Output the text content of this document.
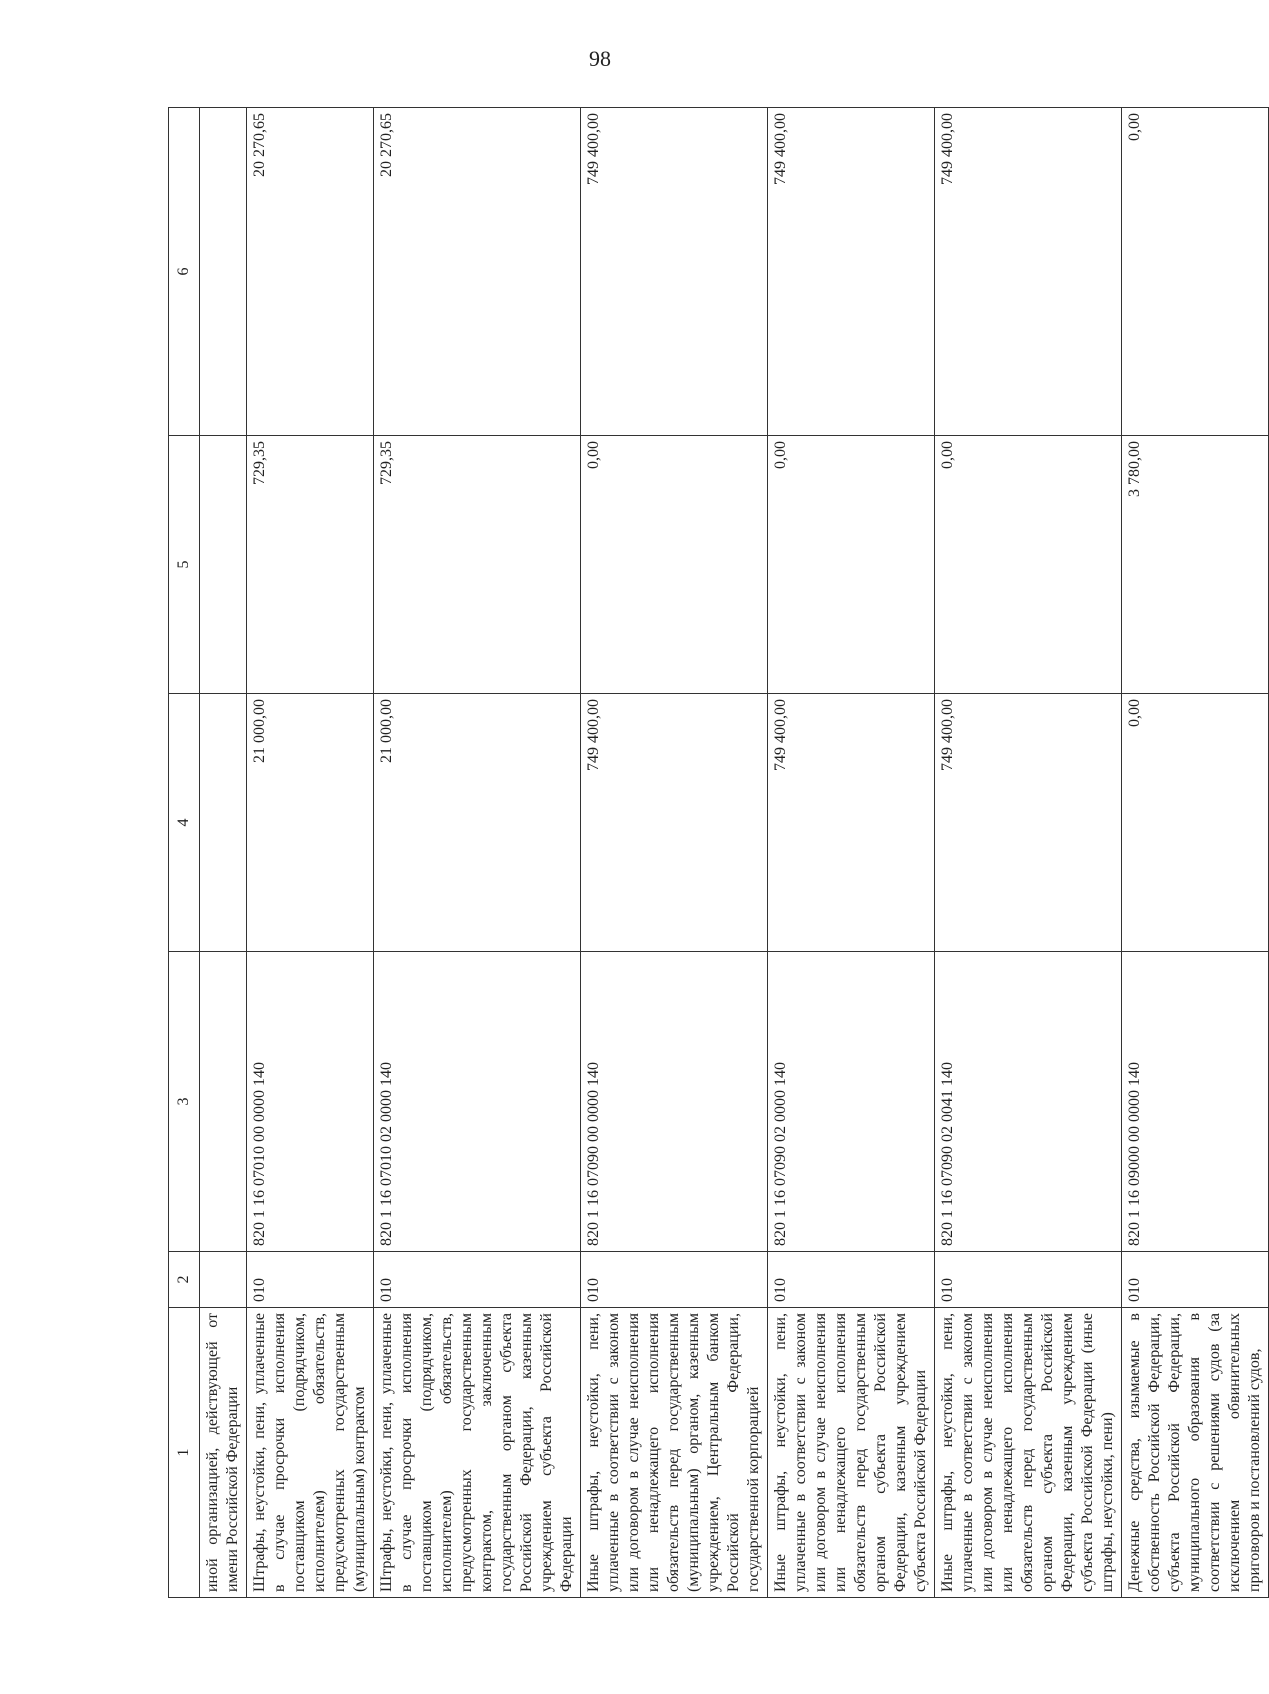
98
1	2	3	4	5	6
иной организацией, действующей от имени Российской Федерации					
Штрафы, неустойки, пени, уплаченные в случае просрочки исполнения поставщиком (подрядчиком, исполнителем) обязательств, предусмотренных государственным (муниципальным) контрактом	010	820 1 16 07010 00 0000 140	21 000,00	729,35	20 270,65
Штрафы, неустойки, пени, уплаченные в случае просрочки исполнения поставщиком (подрядчиком, исполнителем) обязательств, предусмотренных государственным контрактом, заключенным государственным органом субъекта Российской Федерации, казенным учреждением субъекта Российской Федерации	010	820 1 16 07010 02 0000 140	21 000,00	729,35	20 270,65
Иные штрафы, неустойки, пени, уплаченные в соответствии с законом или договором в случае неисполнения или ненадлежащего исполнения обязательств перед государственным (муниципальным) органом, казенным учреждением, Центральным банком Российской Федерации, государственной корпорацией	010	820 1 16 07090 00 0000 140	749 400,00	0,00	749 400,00
Иные штрафы, неустойки, пени, уплаченные в соответствии с законом или договором в случае неисполнения или ненадлежащего исполнения обязательств перед государственным органом субъекта Российской Федерации, казенным учреждением субъекта Российской Федерации	010	820 1 16 07090 02 0000 140	749 400,00	0,00	749 400,00
Иные штрафы, неустойки, пени, уплаченные в соответствии с законом или договором в случае неисполнения или ненадлежащего исполнения обязательств перед государственным органом субъекта Российской Федерации, казенным учреждением субъекта Российской Федерации (иные штрафы, неустойки, пени)	010	820 1 16 07090 02 0041 140	749 400,00	0,00	749 400,00
Денежные средства, изымаемые в собственность Российской Федерации, субъекта Российской Федерации, муниципального образования в соответствии с решениями судов (за исключением обвинительных приговоров и постановлений судов,	010	820 1 16 09000 00 0000 140	0,00	3 780,00	0,00
